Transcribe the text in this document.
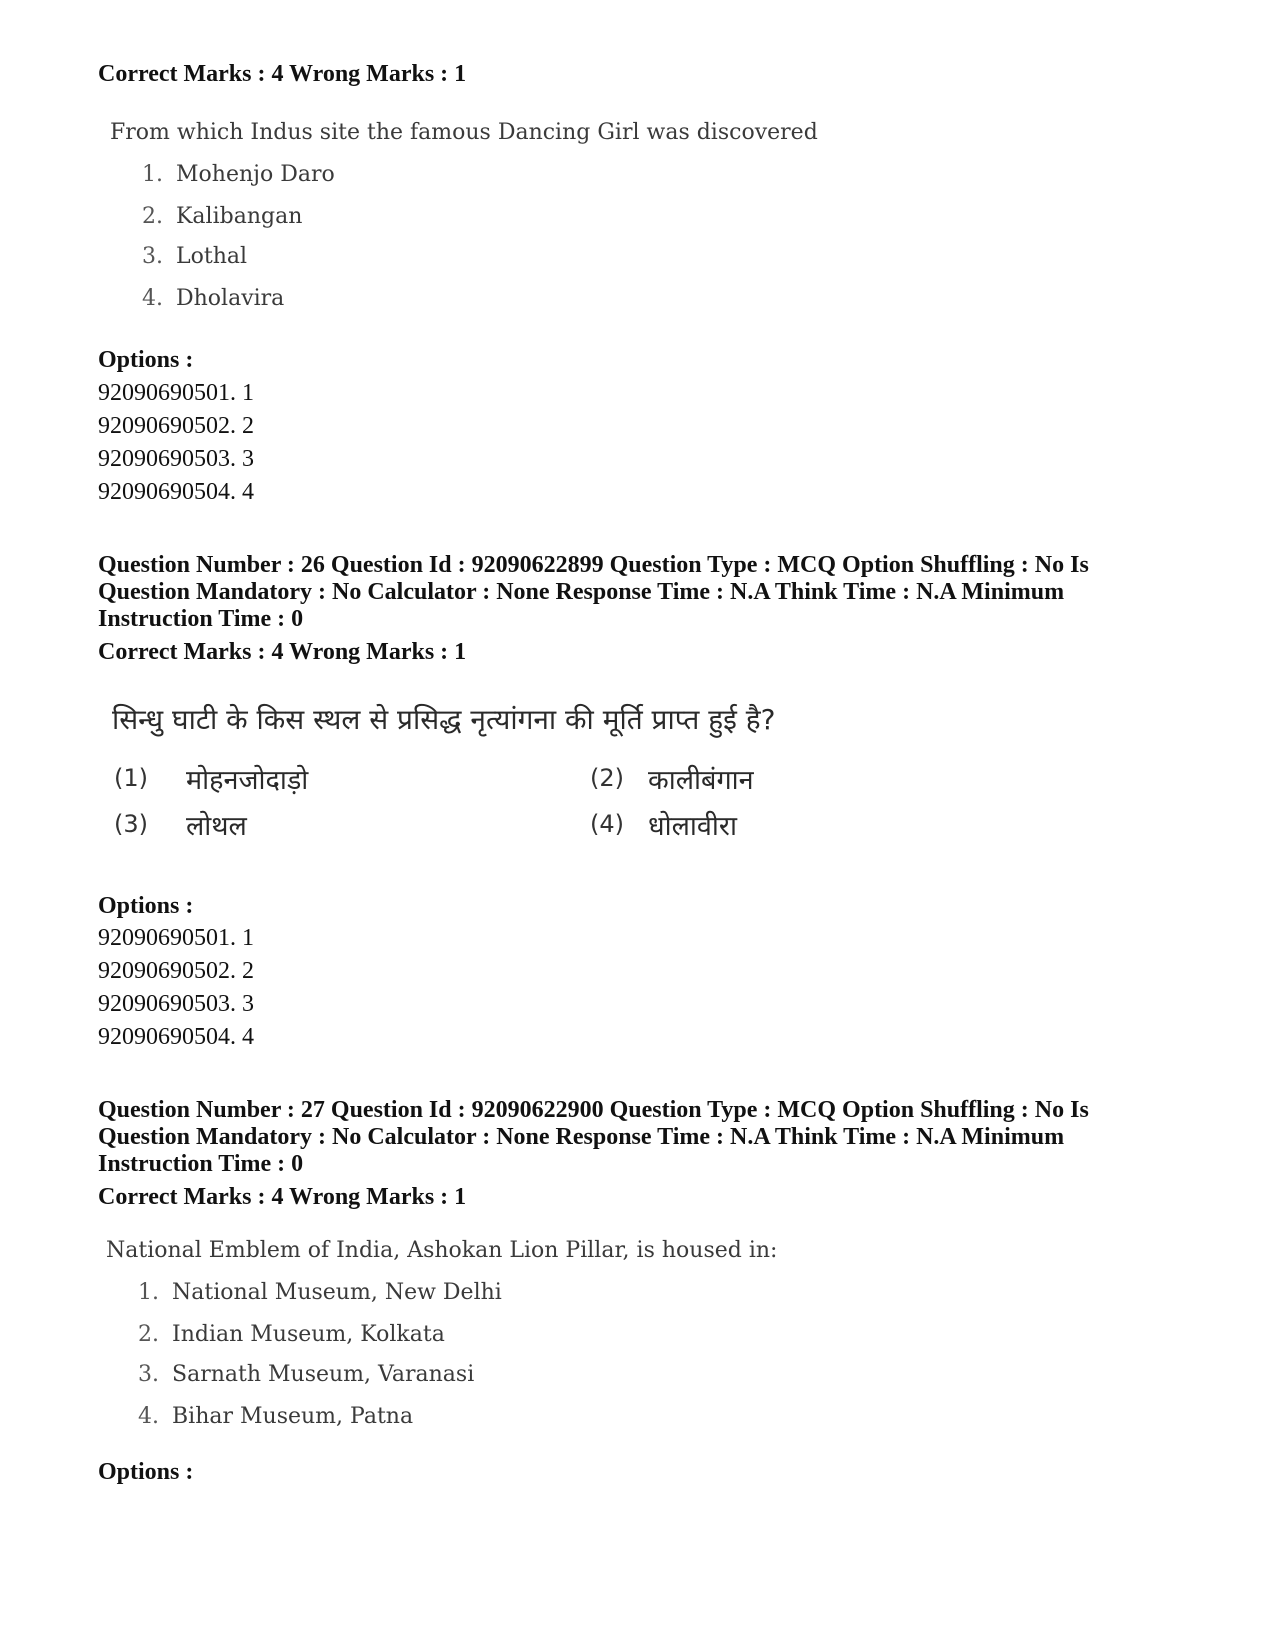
Correct Marks : 4 Wrong Marks : 1
From which Indus site the famous Dancing Girl was discovered
1. Mohenjo Daro
2. Kalibangan
3. Lothal
4. Dholavira
Options :
92090690501. 1
92090690502. 2
92090690503. 3
92090690504. 4
Question Number : 26 Question Id : 92090622899 Question Type : MCQ Option Shuffling : No Is
Question Mandatory : No Calculator : None Response Time : N.A Think Time : N.A Minimum
Instruction Time : 0
Correct Marks : 4 Wrong Marks : 1
सिन्धु घाटी के किस स्थल से प्रसिद्ध नृत्यांगना की मूर्ति प्राप्त हुई है?
(1) मोहनजोदाड़ो	(2) कालीबंगान
(3) लोथल	(4) धोलावीरा
Options :
92090690501. 1
92090690502. 2
92090690503. 3
92090690504. 4
Question Number : 27 Question Id : 92090622900 Question Type : MCQ Option Shuffling : No Is
Question Mandatory : No Calculator : None Response Time : N.A Think Time : N.A Minimum
Instruction Time : 0
Correct Marks : 4 Wrong Marks : 1
National Emblem of India, Ashokan Lion Pillar, is housed in:
1. National Museum, New Delhi
2. Indian Museum, Kolkata
3. Sarnath Museum, Varanasi
4. Bihar Museum, Patna
Options :
